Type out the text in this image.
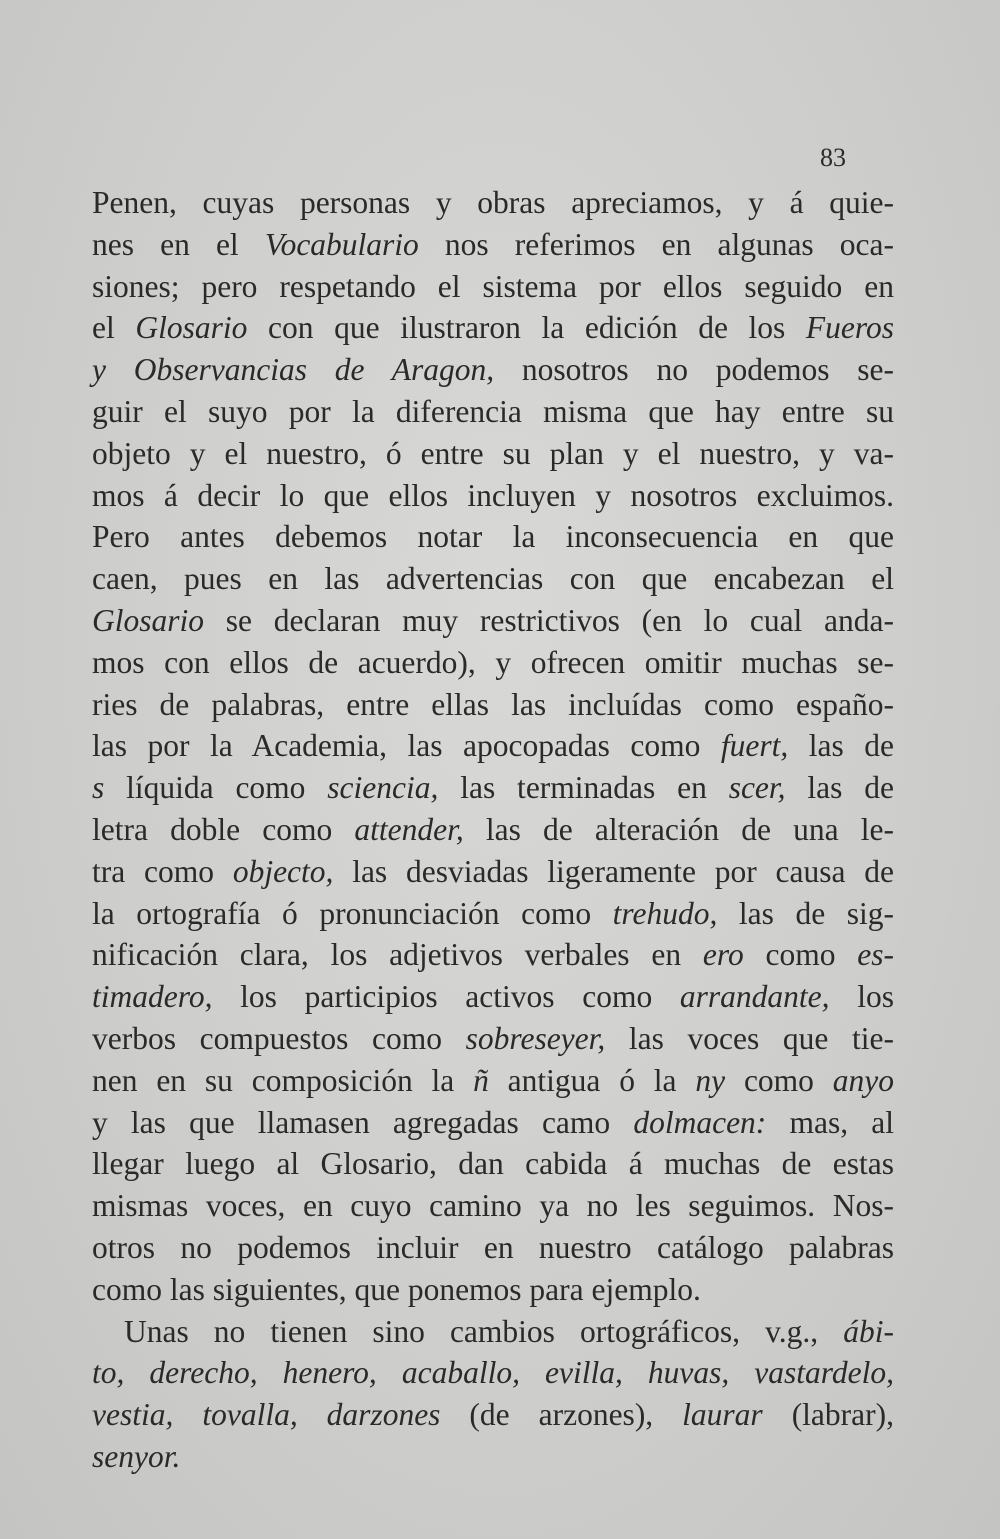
83
Penen, cuyas personas y obras apreciamos, y á quie-
nes en el Vocabulario nos referimos en algunas oca-
siones; pero respetando el sistema por ellos seguido en
el Glosario con que ilustraron la edición de los Fueros
y Observancias de Aragon, nosotros no podemos se-
guir el suyo por la diferencia misma que hay entre su
objeto y el nuestro, ó entre su plan y el nuestro, y va-
mos á decir lo que ellos incluyen y nosotros excluimos.
Pero antes debemos notar la inconsecuencia en que
caen, pues en las advertencias con que encabezan el
Glosario se declaran muy restrictivos (en lo cual anda-
mos con ellos de acuerdo), y ofrecen omitir muchas se-
ries de palabras, entre ellas las incluídas como españo-
las por la Academia, las apocopadas como fuert, las de
s líquida como sciencia, las terminadas en scer, las de
letra doble como attender, las de alteración de una le-
tra como objecto, las desviadas ligeramente por causa de
la ortografía ó pronunciación como trehudo, las de sig-
nificación clara, los adjetivos verbales en ero como es-
timadero, los participios activos como arrandante, los
verbos compuestos como sobreseyer, las voces que tie-
nen en su composición la ñ antigua ó la ny como anyo
y las que llamasen agregadas camo dolmacen: mas, al
llegar luego al Glosario, dan cabida á muchas de estas
mismas voces, en cuyo camino ya no les seguimos. Nos-
otros no podemos incluir en nuestro catálogo palabras
como las siguientes, que ponemos para ejemplo.
Unas no tienen sino cambios ortográficos, v.g., ábi-
to, derecho, henero, acaballo, evilla, huvas, vastardelo,
vestia, tovalla, darzones (de arzones), laurar (labrar),
senyor.
